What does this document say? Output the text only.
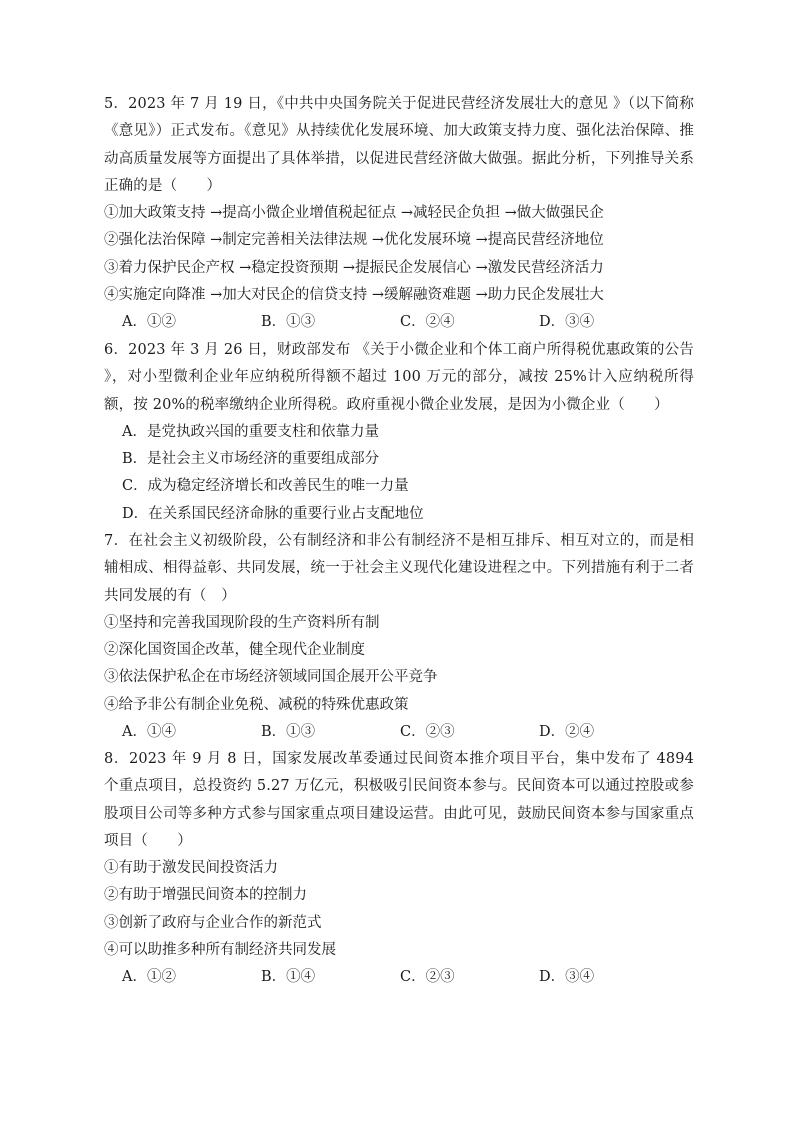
5．2023 年 7 月 19 日，《中共中央国务院关于促进民营经济发展壮大的意见 》（以下简称《意见》）正式发布。《意见》从持续优化发展环境、加大政策支持力度、强化法治保障、推动高质量发展等方面提出了具体举措，以促进民营经济做大做强。据此分析，下列推导关系正确的是（　　）

①加大政策支持 →提高小微企业增值税起征点 →减轻民企负担 →做大做强民企

②强化法治保障 →制定完善相关法律法规 →优化发展环境 →提高民营经济地位

③着力保护民企产权 →稳定投资预期 →提振民企发展信心 →激发民营经济活力

④实施定向降准 →加大对民企的信贷支持 →缓解融资难题 →助力民企发展壮大

A．①②	B．①③	C．②④	D．③④

6．2023 年 3 月 26 日，财政部发布 《关于小微企业和个体工商户所得税优惠政策的公告 》，对小型微利企业年应纳税所得额不超过 100 万元的部分，减按 25%计入应纳税所得额，按 20%的税率缴纳企业所得税。政府重视小微企业发展，是因为小微企业（　　）

A．是党执政兴国的重要支柱和依靠力量

B．是社会主义市场经济的重要组成部分

C．成为稳定经济增长和改善民生的唯一力量

D．在关系国民经济命脉的重要行业占支配地位

7．在社会主义初级阶段，公有制经济和非公有制经济不是相互排斥、相互对立的，而是相辅相成、相得益彰、共同发展，统一于社会主义现代化建设进程之中。下列措施有利于二者共同发展的有（　）

①坚持和完善我国现阶段的生产资料所有制

②深化国资国企改革，健全现代企业制度

③依法保护私企在市场经济领域同国企展开公平竞争

④给予非公有制企业免税、减税的特殊优惠政策

A．①④	B．①③	C．②③	D．②④

8．2023 年 9 月 8 日，国家发展改革委通过民间资本推介项目平台，集中发布了 4894 个重点项目，总投资约 5.27 万亿元，积极吸引民间资本参与。民间资本可以通过控股或参股项目公司等多种方式参与国家重点项目建设运营。由此可见，鼓励民间资本参与国家重点项目（　　）

①有助于激发民间投资活力

②有助于增强民间资本的控制力

③创新了政府与企业合作的新范式

④可以助推多种所有制经济共同发展

A．①②	B．①④	C．②③	D．③④
